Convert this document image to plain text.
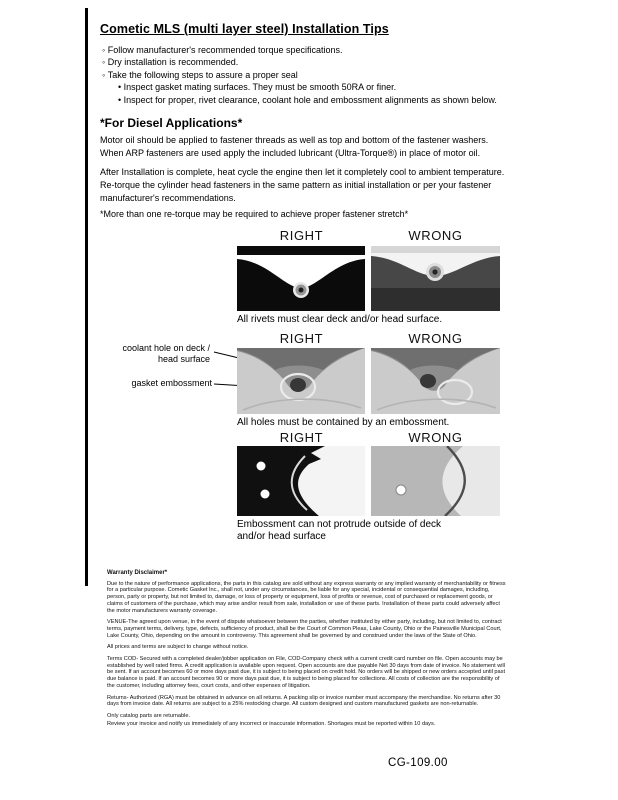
Cometic MLS (multi layer steel) Installation Tips
◦ Follow manufacturer's recommended torque specifications.
◦ Dry installation is recommended.
◦ Take the following steps to assure a proper seal
• Inspect gasket mating surfaces. They must be smooth 50RA or finer.
• Inspect for proper, rivet clearance, coolant hole and embossment alignments as shown below.
*For Diesel Applications*

Motor oil should be applied to fastener threads as well as top and bottom of the fastener washers. When ARP fasteners are used apply the included lubricant (Ultra-Torque®) in place of motor oil.

After Installation is complete, heat cycle the engine then let it completely cool to ambient temperature. Re-torque the cylinder head fasteners in the same pattern as initial installation or per your fastener manufacturer's recommendations.

*More than one re-torque may be required to achieve proper fastener stretch*
RIGHT	WRONG
All rivets must clear deck and/or head surface.
RIGHT	WRONG
coolant hole on deck / head surface
gasket embossment
All holes must be contained by an embossment.
RIGHT	WRONG
Embossment can not protrude outside of deck and/or head surface
Warranty Disclaimer*

Due to the nature of performance applications, the parts in this catalog are sold without any express warranty or any implied warranty of merchantability or fitness for a particular purpose. Cometic Gasket Inc., shall not, under any circumstances, be liable for any special, incidental or consequential damages, including, person, party or property, but not limited to, damage, or loss of property or equipment, loss of profits or revenue, cost of purchased or replacement goods, or claims of customers of the purchase, which may arise and/or result from sale, installation or use of these parts. Installation of these parts could adversely affect the motor manufacturers warranty coverage.

VENUE-The agreed upon venue, in the event of dispute whatsoever between the parties, whether instituted by either party, including, but not limited to, contract terms, payment terms, delivery, type, defects, sufficiency of product, shall be the Court of Common Pleas, Lake County, Ohio or the Painesville Municipal Court, Lake County, Ohio, depending on the amount in controversy. This agreement shall be governed by and construed under the laws of the State of Ohio.

All prices and terms are subject to change without notice.

Terms COD- Secured with a completed dealer/jobber application on File, COD-Company check with a current credit card number on file. Open accounts may be established by well rated firms. A credit application is available upon request. Open accounts are due payable Net 30 days from date of invoice. No statement will be sent. If an account becomes 60 or more days past due, it is subject to being placed on credit hold. No orders will be shipped or new orders accepted until past due balance is paid. If an account becomes 90 or more days past due, it is subject to being placed for collections. All costs of collection are the responsibility of the customer, including attorney fees, court costs, and other expenses of litigation.

Returns- Authorized (RGA) must be obtained in advance on all returns. A packing slip or invoice number must accompany the merchandise. No returns after 30 days from invoice date. All returns are subject to a 25% restocking charge. All custom designed and custom manufactured gaskets are non-returnable.

Only catalog parts are returnable.

Review your invoice and notify us immediately of any incorrect or inaccurate information. Shortages must be reported within 10 days.

CG-109.00
